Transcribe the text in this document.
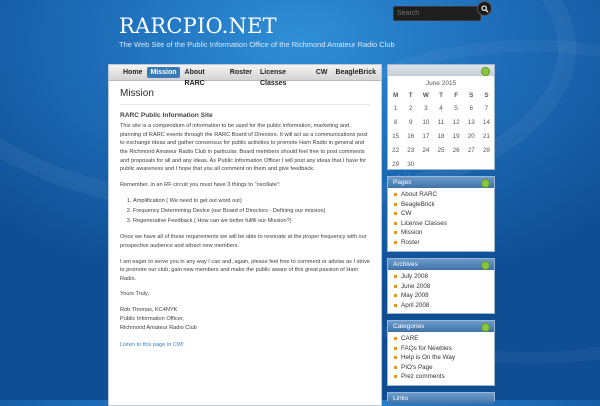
RARCPIO.NET
The Web Site of the Public Information Office of the Richmond Amateur Radio Club
Search
Home	Mission	About RARC
Roster	License Classes
CW	BeagleBrick
Mission
RARC Public Information Site

This site is a compendium of information to be used for the public information, marketing and planning of RARC events through the RARC Board of Directors. It will act as a communications post to exchange ideas and gather consensus for public activities to promote Ham Radio in general and the Richmond Amateur Radio Club in particular. Board members should feel free to post comments and proposals for all and any ideas. As Public Information Officer I will post any ideas that I have for public awareness and I hope that you all comment on them and give feedback.

Remember, in an RF circuit you must have 3 things to "oscillate":

1. Amplification ( We need to get out word out)
2. Frequency Determining Device (our Board of Directors - Defining our mission)
3. Regenerative Feedback ( How can we better fulfill our Mission?)

Once we have all of these requirements we will be able to resonate at the proper frequency with our prospective audience and attract new members.

I am eager to serve you in any way I can and, again, please feel free to comment or advise as I strive to promote our club, gain new members and make the public aware of this great passion of Ham Radio.

Yours Truly,

Rob Thomas, KC4NYK
Public Information Officer,
Richmond Amateur Radio Club

Listen to this page in CW!

June 2015
M	T	W	T	F	S	S
1	2	3	4	5	6	7
8	9	10	11	12	13	14
15	16	17	18	19	20	21
22	23	24	25	26	27	28
29	30					
Pages
About RARC
BeagleBrick
CW
License Classes
Mission
Roster
Archives
July 2008
June 2008
May 2008
April 2008
Categories
CARE
FAQs for Newbies
Help is On the Way
PIO's Page
Prez comments
Links
